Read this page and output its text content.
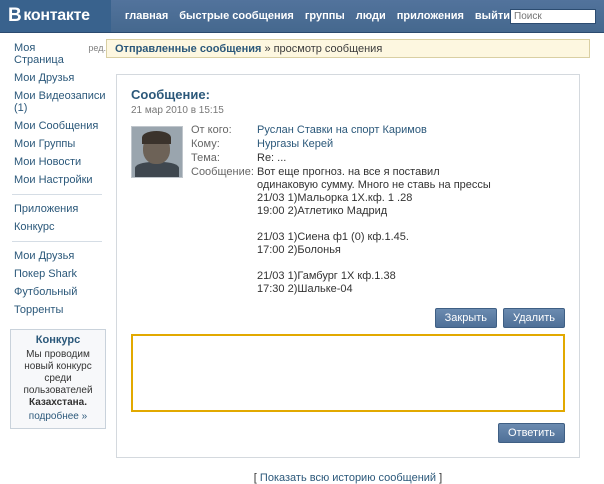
В контакте	главная быстрые сообщения группы люди приложения выйти
Поиск
Моя Страница
ред.
Мои Друзья
Мои Видеозаписи (1)
Мои Сообщения
Мои Группы
Мои Новости
Мои Настройки
Приложения
Конкурс
Мои Друзья
Покер Shark
Футбольный
Торренты
Конкурс
Мы проводим новый конкурс среди пользователей Казахстана.
подробнее »
Отправленные сообщения » просмотр сообщения
Сообщение:
21 мар 2010 в 15:15
От кого:	Руслан Ставки на спорт Каримов
Кому:	Нургазы Керей
Тема:	Re: ...
Сообщение: Вот еще прогноз. на все я поставил
одинаковую сумму. Много не ставь на прессы
21/03 1)Мальорка 1Х.кф. 1 .28
19:00 2)Атлетико Мадрид
21/03 1)Сиена ф1 (0) кф.1.45.
17:00 2)Болонья
21/03 1)Гамбург 1Х кф.1.38
17:30 2)Шальке-04
Закрыть	Удалить
Ответить
[ Показать всю историю сообщений ]
